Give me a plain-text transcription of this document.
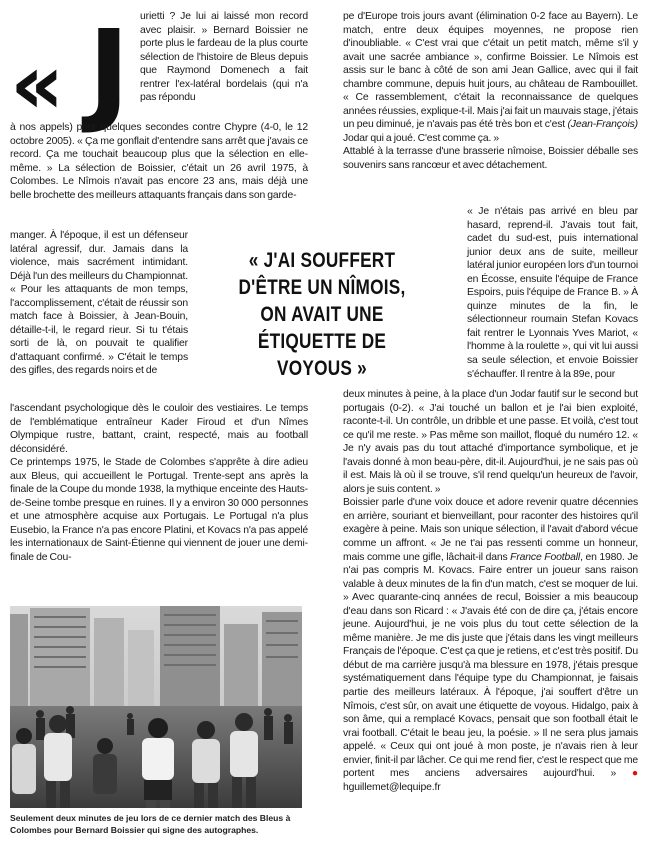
« J urietti ? Je lui ai laissé mon record avec plaisir. » Bernard Boissier ne porte plus le fardeau de la plus courte sélection de l'histoire de Bleus depuis que Raymond Domenech a fait rentrer l'ex-latéral bordelais (qui n'a pas répondu
à nos appels) pour quelques secondes contre Chypre (4-0, le 12 octobre 2005). « Ça me gonflait d'entendre sans arrêt que j'avais ce record. Ça me touchait beaucoup plus que la sélection en elle-même. » La sélection de Boissier, c'était un 26 avril 1975, à Colombes. Le Nîmois n'avait pas encore 23 ans, mais déjà une belle brochette des meilleurs attaquants français dans son garde-
manger. À l'époque, il est un défenseur latéral agressif, dur. Jamais dans la violence, mais sacrément intimidant. Déjà l'un des meilleurs du Championnat. « Pour les attaquants de mon temps, l'accomplissement, c'était de réussir son match face à Boissier, à Jean-Bouin, détaille-t-il, le regard rieur. Si tu t'étais sorti de là, on pouvait te qualifier d'attaquant confirmé. » C'était le temps des gifles, des regards noirs et de

l'ascendant psychologique dès le couloir des vestiaires. Le temps de l'emblématique entraîneur Kader Firoud et d'un Nîmes Olympique rustre, battant, craint, respecté, mais au football déconsidéré.

Ce printemps 1975, le Stade de Colombes s'apprête à dire adieu aux Bleus, qui accueillent le Portugal. Trente-sept ans après la finale de la Coupe du monde 1938, la mythique enceinte des Hauts-de-Seine tombe presque en ruines. Il y a environ 30 000 personnes et une atmosphère acquise aux Portugais. Le Portugal n'a plus Eusebio, la France n'a pas encore Platini, et Kovacs n'a pas appelé les internationaux de Saint-Étienne qui viennent de jouer une demi-finale de Cou-

pe d'Europe trois jours avant (élimination 0-2 face au Bayern). Le match, entre deux équipes moyennes, ne propose rien d'inoubliable. « C'est vrai que c'était un petit match, même s'il y avait une sacrée ambiance », confirme Boissier. Le Nîmois est assis sur le banc à côté de son ami Jean Gallice, avec qui il fait chambre commune, depuis huit jours, au château de Rambouillet. « Ce rassemblement, c'était la reconnaissance de quelques années réussies, explique-t-il. Mais j'ai fait un mauvais stage, j'étais un peu diminué, je n'avais pas été très bon et c'est (Jean-François) Jodar qui a joué. C'est comme ça. »

Attablé à la terrasse d'une brasserie nîmoise, Boissier déballe ses souvenirs sans rancœur et avec détachement.

« Je n'étais pas arrivé en bleu par hasard, reprend-il. J'avais tout fait, cadet du sud-est, puis international junior deux ans de suite, meilleur latéral junior européen lors d'un tournoi en Écosse, ensuite l'équipe de France Espoirs, puis l'équipe de France B. » À quinze minutes de la fin, le sélectionneur roumain Stefan Kovacs fait rentrer le Lyonnais Yves Mariot, « l'homme à la roulette », qui vit lui aussi sa seule sélection, et envoie Boissier s'échauffer. Il rentre à la 89e, pour

deux minutes à peine, à la place d'un Jodar fautif sur le second but portugais (0-2). « J'ai touché un ballon et je l'ai bien exploité, raconte-t-il. Un contrôle, un dribble et une passe. Et voilà, c'est tout ce qu'il me reste. » Pas même son maillot, floqué du numéro 12. « Je n'y avais pas du tout attaché d'importance symbolique, et je l'avais donné à mon beau-père, dit-il. Aujourd'hui, je ne sais pas où il est. Mais là où il se trouve, s'il rend quelqu'un heureux de l'avoir, alors je suis content. »

Boissier parle d'une voix douce et adore revenir quatre décennies en arrière, souriant et bienveillant, pour raconter des histoires qu'il exagère à peine. Mais son unique sélection, il l'avait d'abord vécue comme un affront. « Je ne t'ai pas ressenti comme un honneur, mais comme une gifle, lâchait-il dans France Football, en 1980. Je n'ai pas compris M. Kovacs. Faire entrer un joueur sans raison valable à deux minutes de la fin d'un match, c'est se moquer de lui. » Avec quarante-cinq années de recul, Boissier a mis beaucoup d'eau dans son Ricard : « J'avais été con de dire ça, j'étais encore jeune. Aujourd'hui, je ne vois plus du tout cette sélection de la même manière. Je me dis juste que j'étais dans les vingt meilleurs Français de l'époque. C'est ça que je retiens, et c'est très positif. Du début de ma carrière jusqu'à ma blessure en 1978, j'étais presque systématiquement dans l'équipe type du Championnat, je faisais partie des meilleurs latéraux. À l'époque, j'ai souffert d'être un Nîmois, c'est sûr, on avait une étiquette de voyous. Hidalgo, paix à son âme, qui a remplacé Kovacs, pensait que son football était le vrai football. C'était le beau jeu, la poésie. » Il ne sera plus jamais appelé. « Ceux qui ont joué à mon poste, je n'avais rien à leur envier, finit-il par lâcher. Ce qui me rend fier, c'est le respect que me portent mes anciens adversaires aujourd'hui. » ● hguillemet@lequipe.fr

« J'AI SOUFFERT D'ÊTRE UN NÎMOIS, ON AVAIT UNE ÉTIQUETTE DE VOYOUS »
Seulement deux minutes de jeu lors de ce dernier match des Bleus à Colombes pour Bernard Boissier qui signe des autographes.
